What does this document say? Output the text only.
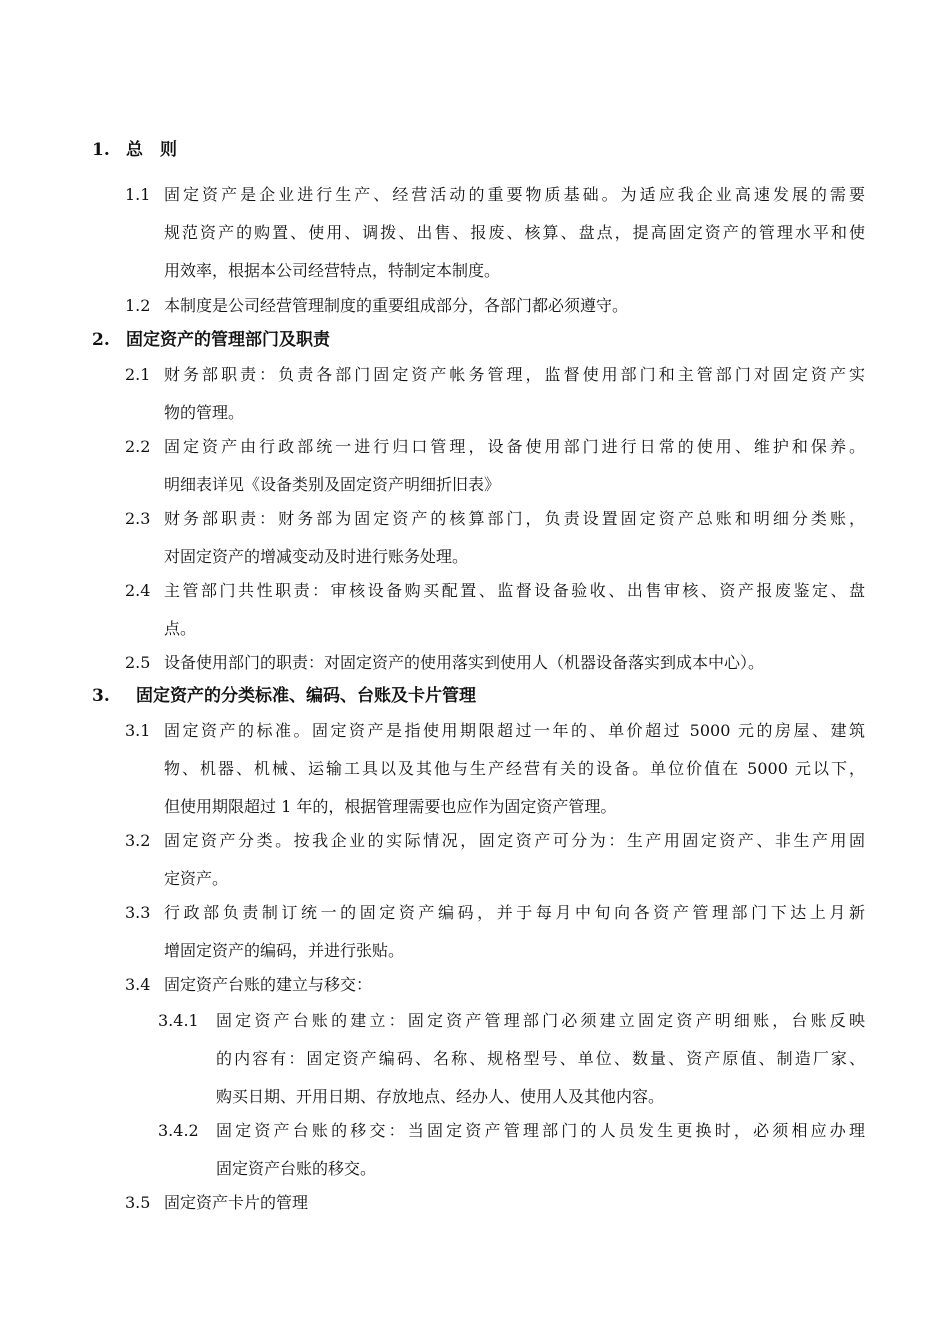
1. 总　则
1.1 固定资产是企业进行生产、经营活动的重要物质基础。为适应我企业高速发展的需要
规范资产的购置、使用、调拨、出售、报废、核算、盘点，提高固定资产的管理水平和使
用效率，根据本公司经营特点，特制定本制度。
1.2 本制度是公司经营管理制度的重要组成部分，各部门都必须遵守。
2. 固定资产的管理部门及职责
2.1 财务部职责：负责各部门固定资产帐务管理，监督使用部门和主管部门对固定资产实
物的管理。
2.2 固定资产由行政部统一进行归口管理，设备使用部门进行日常的使用、维护和保养。
明细表详见《设备类别及固定资产明细折旧表》
2.3 财务部职责：财务部为固定资产的核算部门，负责设置固定资产总账和明细分类账，
对固定资产的增减变动及时进行账务处理。
2.4 主管部门共性职责：审核设备购买配置、监督设备验收、出售审核、资产报废鉴定、盘
点。
2.5 设备使用部门的职责：对固定资产的使用落实到使用人（机器设备落实到成本中心）。
3. 固定资产的分类标准、编码、台账及卡片管理
3.1 固定资产的标准。固定资产是指使用期限超过一年的、单价超过 5000 元的房屋、建筑
物、机器、机械、运输工具以及其他与生产经营有关的设备。单位价值在 5000 元以下，
但使用期限超过 1 年的，根据管理需要也应作为固定资产管理。
3.2 固定资产分类。按我企业的实际情况，固定资产可分为：生产用固定资产、非生产用固
定资产。
3.3 行政部负责制订统一的固定资产编码，并于每月中旬向各资产管理部门下达上月新
增固定资产的编码，并进行张贴。
3.4 固定资产台账的建立与移交：
3.4.1 固定资产台账的建立：固定资产管理部门必须建立固定资产明细账，台账反映
的内容有：固定资产编码、名称、规格型号、单位、数量、资产原值、制造厂家、
购买日期、开用日期、存放地点、经办人、使用人及其他内容。
3.4.2 固定资产台账的移交：当固定资产管理部门的人员发生更换时，必须相应办理
固定资产台账的移交。
3.5 固定资产卡片的管理
